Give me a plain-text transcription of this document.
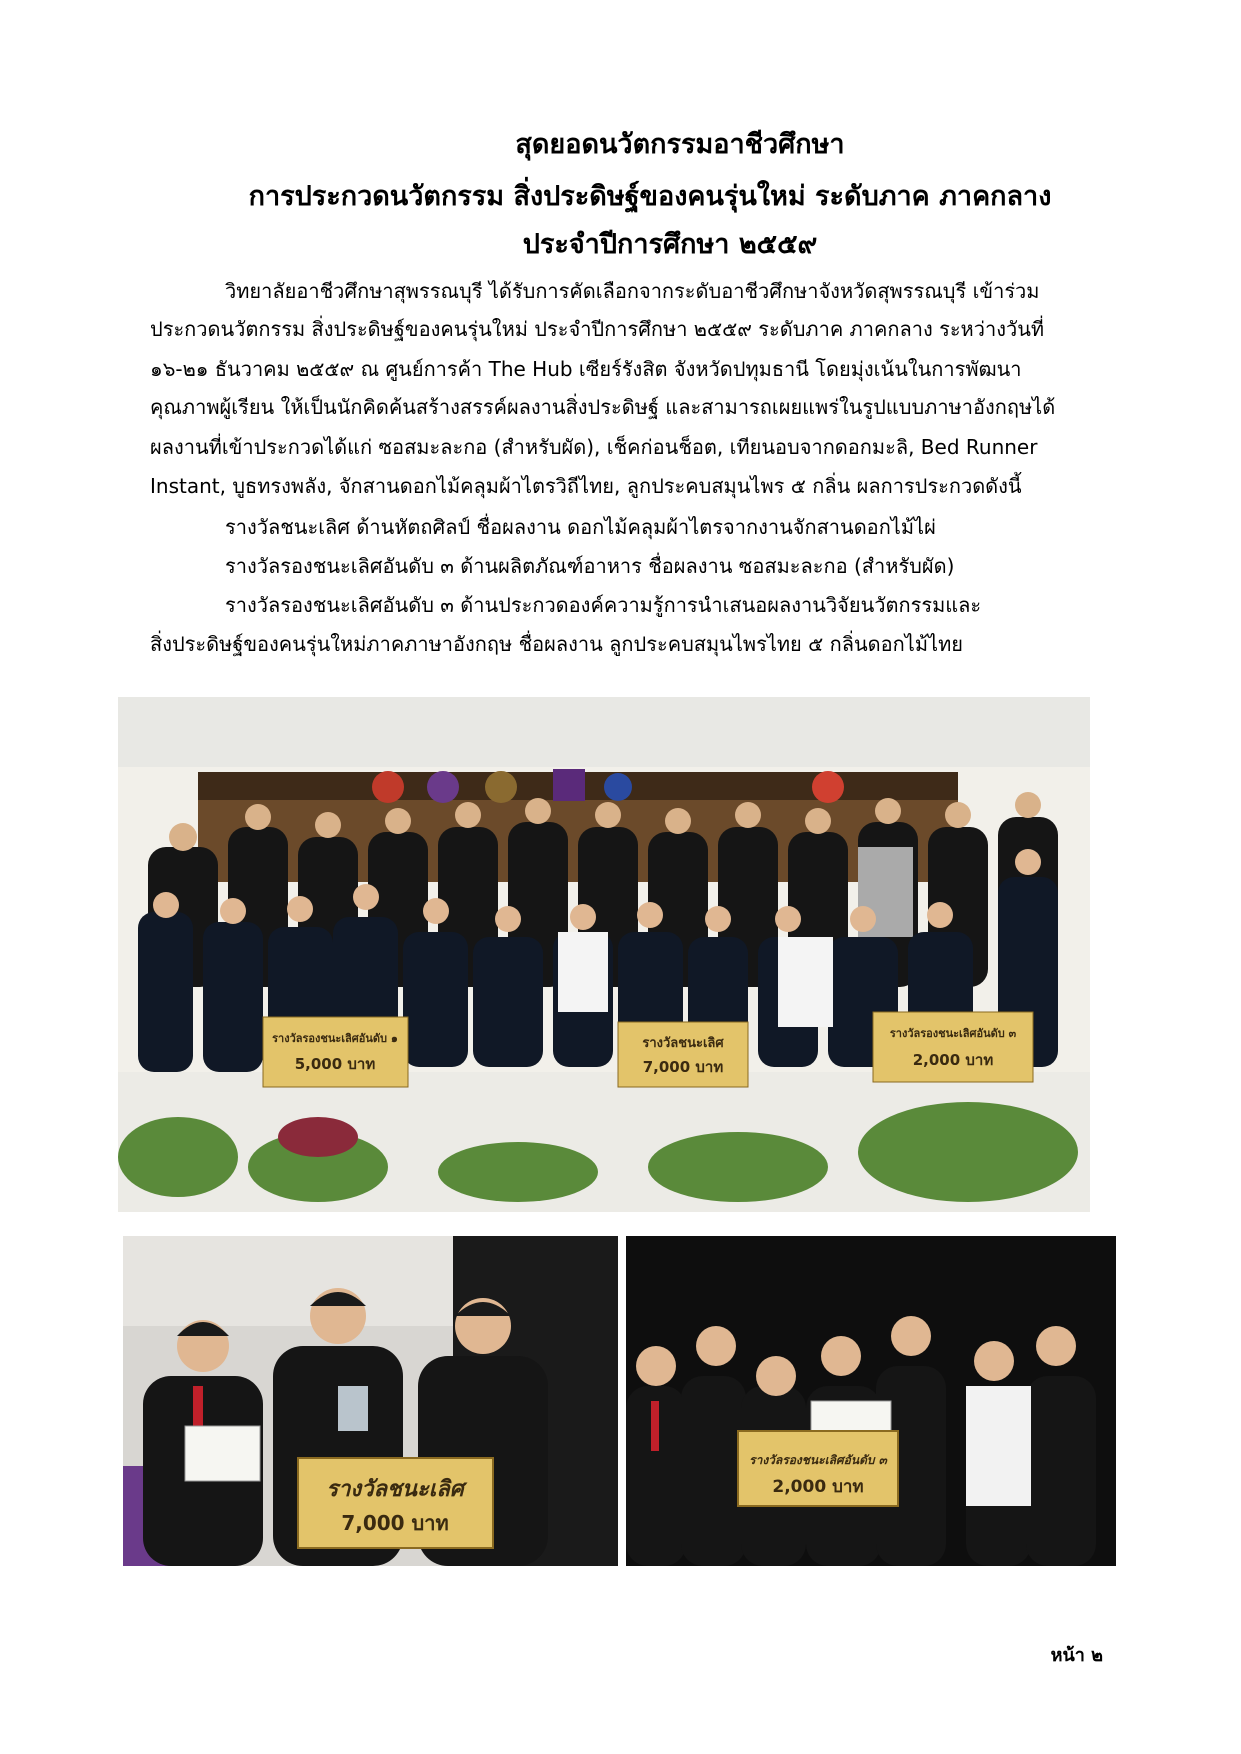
สุดยอดนวัตกรรมอาชีวศึกษา
การประกวดนวัตกรรม สิ่งประดิษฐ์ของคนรุ่นใหม่ ระดับภาค ภาคกลาง
ประจำปีการศึกษา ๒๕๕๙
วิทยาลัยอาชีวศึกษาสุพรรณบุรี ได้รับการคัดเลือกจากระดับอาชีวศึกษาจังหวัดสุพรรณบุรี เข้าร่วม
ประกวดนวัตกรรม สิ่งประดิษฐ์ของคนรุ่นใหม่ ประจำปีการศึกษา ๒๕๕๙ ระดับภาค ภาคกลาง ระหว่างวันที่
๑๖-๒๑ ธันวาคม ๒๕๕๙ ณ ศูนย์การค้า The Hub เซียร์รังสิต จังหวัดปทุมธานี โดยมุ่งเน้นในการพัฒนา
คุณภาพผู้เรียน ให้เป็นนักคิดค้นสร้างสรรค์ผลงานสิ่งประดิษฐ์ และสามารถเผยแพร่ในรูปแบบภาษาอังกฤษได้
ผลงานที่เข้าประกวดได้แก่ ซอสมะละกอ (สำหรับผัด), เช็คก่อนช็อต, เทียนอบจากดอกมะลิ, Bed Runner
Instant, บูธทรงพลัง, จักสานดอกไม้คลุมผ้าไตรวิถีไทย, ลูกประคบสมุนไพร ๕ กลิ่น ผลการประกวดดังนี้
รางวัลชนะเลิศ ด้านหัตถศิลป์ ชื่อผลงาน ดอกไม้คลุมผ้าไตรจากงานจักสานดอกไม้ไผ่
รางวัลรองชนะเลิศอันดับ ๓ ด้านผลิตภัณฑ์อาหาร ชื่อผลงาน ซอสมะละกอ (สำหรับผัด)
รางวัลรองชนะเลิศอันดับ ๓ ด้านประกวดองค์ความรู้การนำเสนอผลงานวิจัยนวัตกรรมและ
สิ่งประดิษฐ์ของคนรุ่นใหม่ภาคภาษาอังกฤษ ชื่อผลงาน ลูกประคบสมุนไพรไทย ๕ กลิ่นดอกไม้ไทย
รางวัลรองชนะเลิศอันดับ ๑
5,000 บาท
รางวัลชนะเลิศ
7,000 บาท
รางวัลรองชนะเลิศอันดับ ๓
2,000 บาท
รางวัลชนะเลิศ
7,000 บาท
รางวัลรองชนะเลิศอันดับ ๓
2,000 บาท
หน้า ๒
